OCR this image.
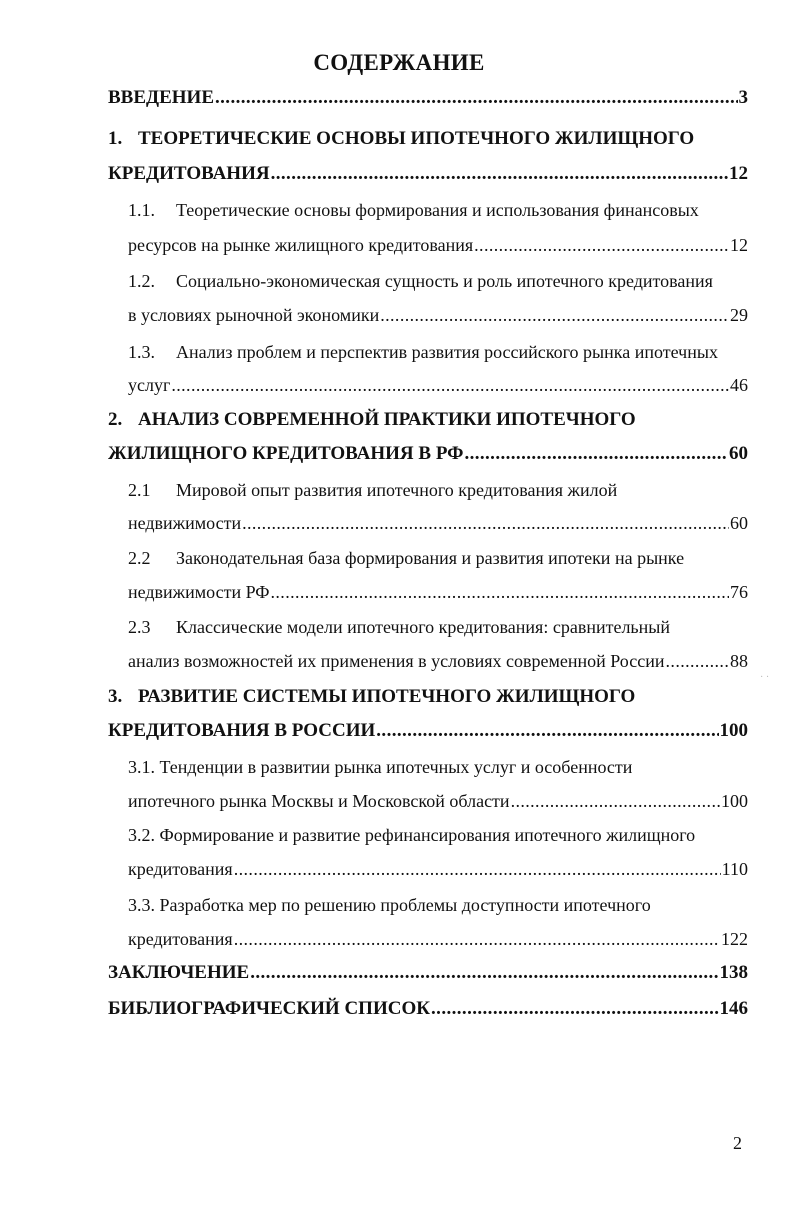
СОДЕРЖАНИЕ
ВВЕДЕНИЕ .....	3
1. ТЕОРЕТИЧЕСКИЕ ОСНОВЫ ИПОТЕЧНОГО ЖИЛИЩНОГО
КРЕДИТОВАНИЯ .....	12
1.1.	Теоретические основы формирования и использования финансовых
ресурсов на рынке жилищного кредитования .....	12
1.2.	Социально-экономическая сущность и роль ипотечного кредитования
в условиях рыночной экономики .....	29
1.3.	Анализ проблем и перспектив развития российского рынка ипотечных
услуг .....	46
2. АНАЛИЗ СОВРЕМЕННОЙ ПРАКТИКИ ИПОТЕЧНОГО
ЖИЛИЩНОГО КРЕДИТОВАНИЯ В РФ .....	60
2.1	Мировой опыт развития ипотечного кредитования жилой
недвижимости .....	60
2.2	Законодательная база формирования и развития ипотеки на рынке
недвижимости РФ .....	76
2.3	Классические модели ипотечного кредитования: сравнительный
анализ возможностей их применения в условиях современной России .....	88
3. РАЗВИТИЕ СИСТЕМЫ ИПОТЕЧНОГО ЖИЛИЩНОГО
КРЕДИТОВАНИЯ В РОССИИ .....	100
3.1. Тенденции в развитии рынка ипотечных услуг и особенности
ипотечного рынка Москвы и Московской области .....	100
3.2. Формирование и развитие рефинансирования ипотечного жилищного
кредитования .....	110
3.3. Разработка мер по решению проблемы доступности ипотечного
кредитования .....	122
ЗАКЛЮЧЕНИЕ .....	138
БИБЛИОГРАФИЧЕСКИЙ СПИСОК .....	146
· ·
2
